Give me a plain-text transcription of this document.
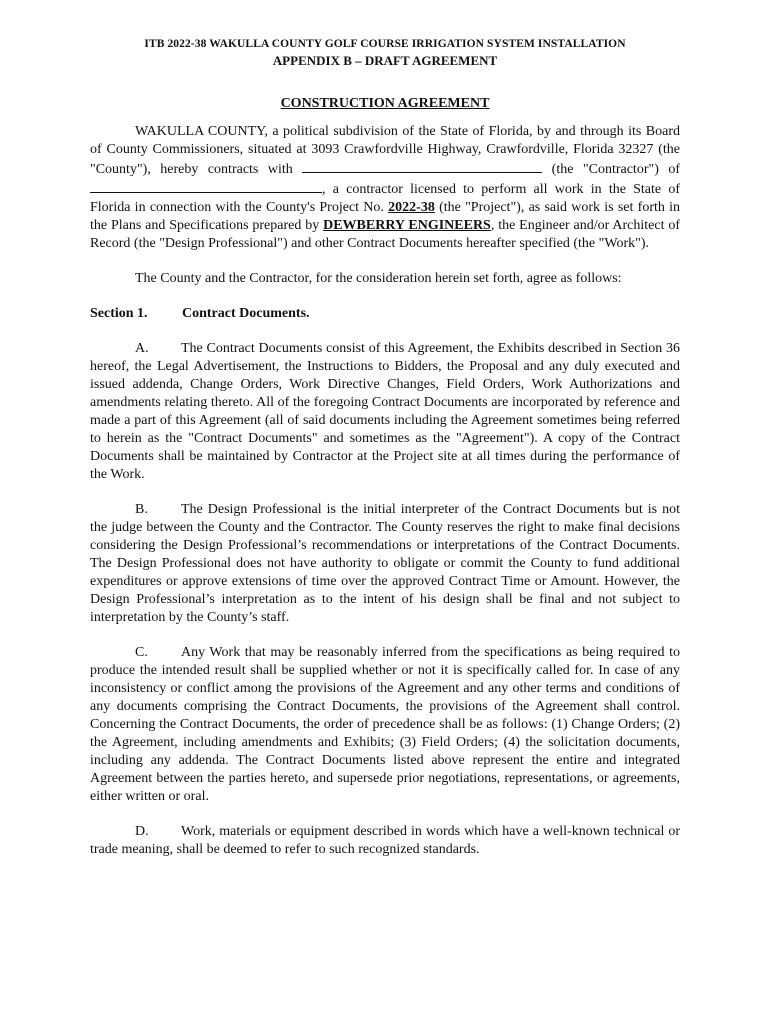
ITB 2022-38 WAKULLA COUNTY GOLF COURSE IRRIGATION SYSTEM INSTALLATION
APPENDIX B – DRAFT AGREEMENT
CONSTRUCTION AGREEMENT

WAKULLA COUNTY, a political subdivision of the State of Florida, by and through its Board of County Commissioners, situated at 3093 Crawfordville Highway, Crawfordville, Florida 32327 (the "County"), hereby contracts with	(the "Contractor") of , a contractor licensed to perform all work in the State of Florida in connection with the County's Project No. 2022-38 (the "Project"), as said work is set forth in the Plans and Specifications prepared by DEWBERRY ENGINEERS, the Engineer and/or Architect of Record (the "Design Professional") and other Contract Documents hereafter specified (the "Work").

The County and the Contractor, for the consideration herein set forth, agree as follows:

Section 1.	Contract Documents.

A. The Contract Documents consist of this Agreement, the Exhibits described in Section 36 hereof, the Legal Advertisement, the Instructions to Bidders, the Proposal and any duly executed and issued addenda, Change Orders, Work Directive Changes, Field Orders, Work Authorizations and amendments relating thereto. All of the foregoing Contract Documents are incorporated by reference and made a part of this Agreement (all of said documents including the Agreement sometimes being referred to herein as the "Contract Documents" and sometimes as the "Agreement"). A copy of the Contract Documents shall be maintained by Contractor at the Project site at all times during the performance of the Work.

B. The Design Professional is the initial interpreter of the Contract Documents but is not the judge between the County and the Contractor. The County reserves the right to make final decisions considering the Design Professional’s recommendations or interpretations of the Contract Documents. The Design Professional does not have authority to obligate or commit the County to fund additional expenditures or approve extensions of time over the approved Contract Time or Amount. However, the Design Professional’s interpretation as to the intent of his design shall be final and not subject to interpretation by the County’s staff.

C. Any Work that may be reasonably inferred from the specifications as being required to produce the intended result shall be supplied whether or not it is specifically called for. In case of any inconsistency or conflict among the provisions of the Agreement and any other terms and conditions of any documents comprising the Contract Documents, the provisions of the Agreement shall control. Concerning the Contract Documents, the order of precedence shall be as follows: (1) Change Orders; (2) the Agreement, including amendments and Exhibits; (3) Field Orders; (4) the solicitation documents, including any addenda. The Contract Documents listed above represent the entire and integrated Agreement between the parties hereto, and supersede prior negotiations, representations, or agreements, either written or oral.

D. Work, materials or equipment described in words which have a well-known technical or trade meaning, shall be deemed to refer to such recognized standards.
